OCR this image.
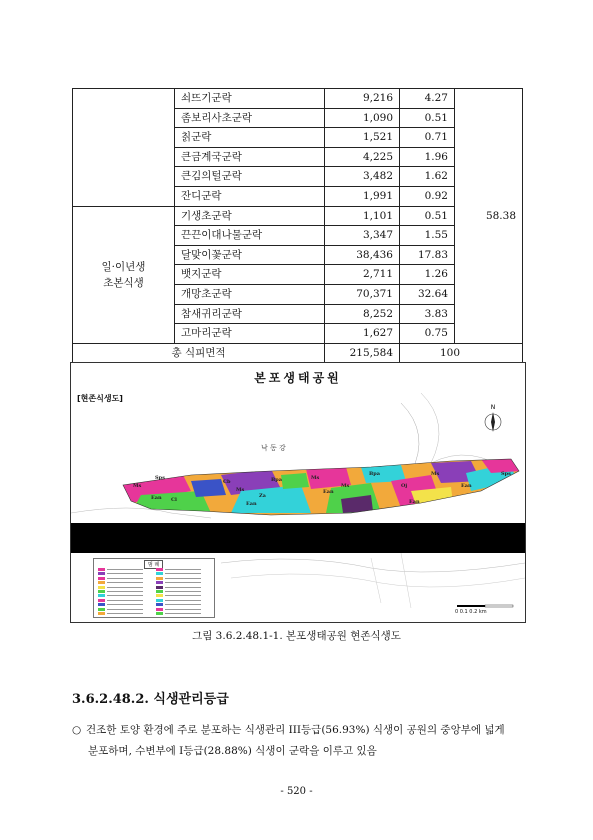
	쇠뜨기군락	9,216	4.27	58.38
	좀보리사초군락	1,090	0.51	
	칡군락	1,521	0.71	
	큰금계국군락	4,225	1.96	
	큰김의털군락	3,482	1.62	
	잔디군락	1,991	0.92	
일·이년생
초본식생	기생초군락	1,101	0.51	
	끈끈이대나물군락	3,347	1.55	
	달맞이꽃군락	38,436	17.83	
	뱃지군락	2,711	1.26	
	개망초군락	70,371	32.64	
	참새귀리군락	8,252	3.83	
	고마리군락	1,627	0.75	
총 식피면적		215,584	100	
본포생태공원
[현존식생도]
낙 동 강
N
Ms
Sps
Ean
Cb
Cl
Ms
Ean
Bpa
Za
Ms
Ean
Ms
Bpa
Oj
Ean
Ms
Ean
Sps
범 례
0 0.1 0.2 km
그림 3.6.2.48.1-1. 본포생태공원 현존식생도
3.6.2.48.2. 식생관리등급
○ 건조한 토양 환경에 주로 분포하는 식생관리 III등급(56.93%) 식생이 공원의 중앙부에 넓게
분포하며, 수변부에 I등급(28.88%) 식생이 군락을 이루고 있음
- 520 -
